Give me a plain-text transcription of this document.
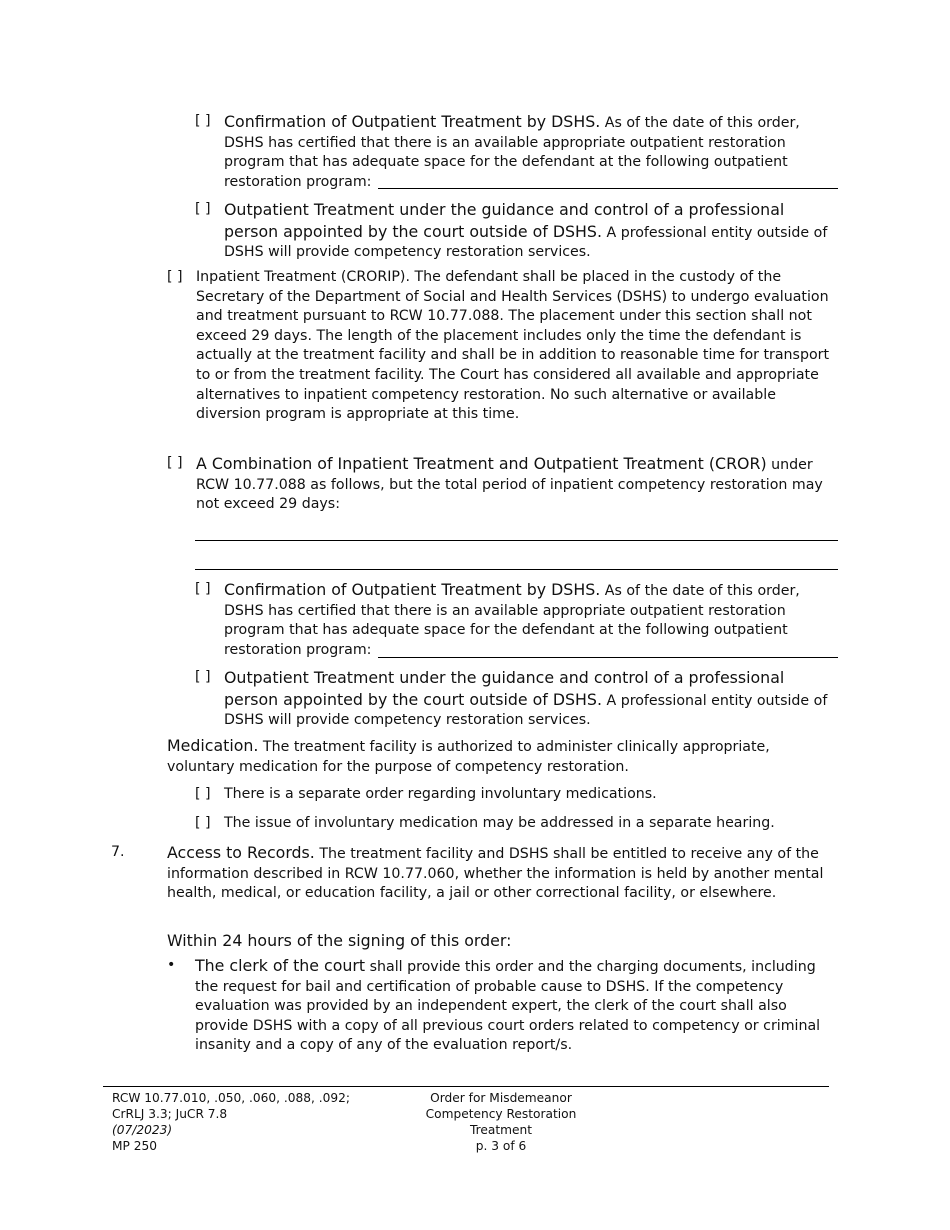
[ ] Confirmation of Outpatient Treatment by DSHS. As of the date of this order, DSHS has certified that there is an available appropriate outpatient restoration program that has adequate space for the defendant at the following outpatient restoration program:
[ ] Outpatient Treatment under the guidance and control of a professional person appointed by the court outside of DSHS. A professional entity outside of DSHS will provide competency restoration services.
[ ] Inpatient Treatment (CRORIP). The defendant shall be placed in the custody of the Secretary of the Department of Social and Health Services (DSHS) to undergo evaluation and treatment pursuant to RCW 10.77.088. The placement under this section shall not exceed 29 days. The length of the placement includes only the time the defendant is actually at the treatment facility and shall be in addition to reasonable time for transport to or from the treatment facility. The Court has considered all available and appropriate alternatives to inpatient competency restoration. No such alternative or available diversion program is appropriate at this time.
[ ] A Combination of Inpatient Treatment and Outpatient Treatment (CROR) under RCW 10.77.088 as follows, but the total period of inpatient competency restoration may not exceed 29 days:
[ ] Confirmation of Outpatient Treatment by DSHS. As of the date of this order, DSHS has certified that there is an available appropriate outpatient restoration program that has adequate space for the defendant at the following outpatient restoration program:
[ ] Outpatient Treatment under the guidance and control of a professional person appointed by the court outside of DSHS. A professional entity outside of DSHS will provide competency restoration services.
Medication. The treatment facility is authorized to administer clinically appropriate, voluntary medication for the purpose of competency restoration.
[ ] There is a separate order regarding involuntary medications.
[ ] The issue of involuntary medication may be addressed in a separate hearing.
7.	Access to Records. The treatment facility and DSHS shall be entitled to receive any of the information described in RCW 10.77.060, whether the information is held by another mental health, medical, or education facility, a jail or other correctional facility, or elsewhere.
Within 24 hours of the signing of this order:
• The clerk of the court shall provide this order and the charging documents, including the request for bail and certification of probable cause to DSHS. If the competency evaluation was provided by an independent expert, the clerk of the court shall also provide DSHS with a copy of all previous court orders related to competency or criminal insanity and a copy of any of the evaluation report/s.
RCW 10.77.010, .050, .060, .088, .092;
CrRLJ 3.3; JuCR 7.8
(07/2023)
MP 250
Order for Misdemeanor
Competency Restoration
Treatment
p. 3 of 6
